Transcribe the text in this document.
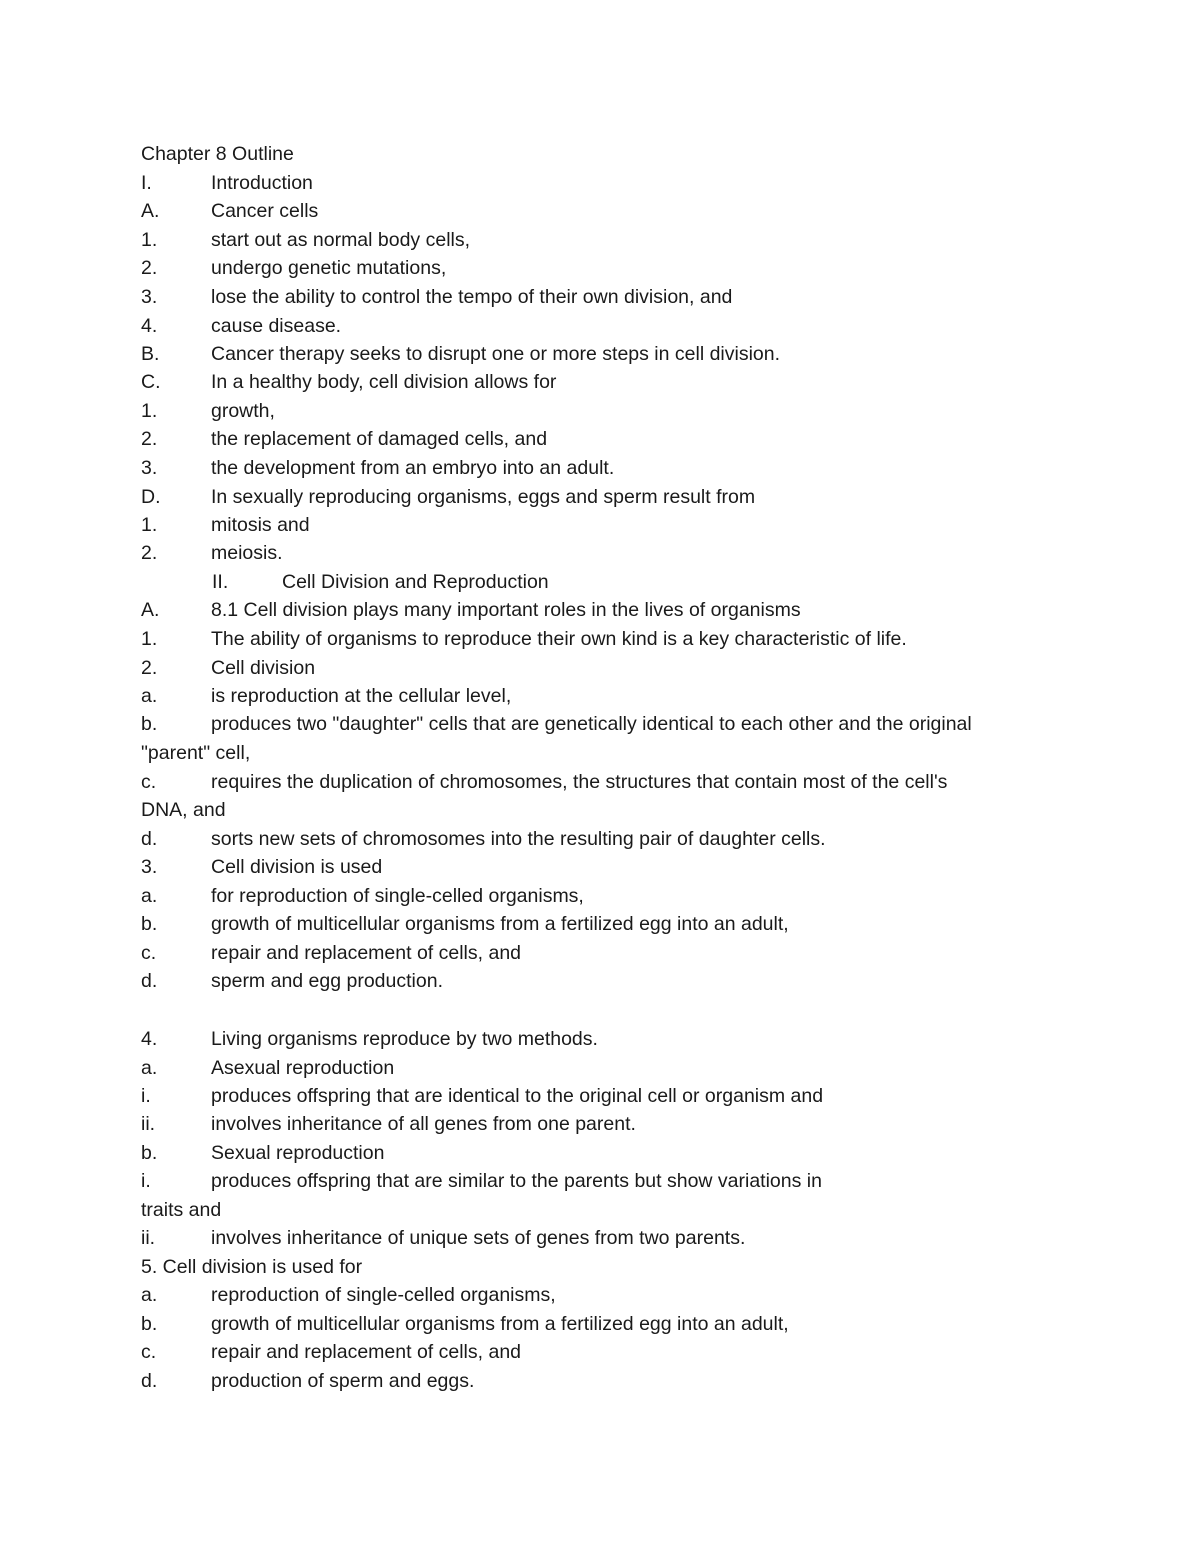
Chapter 8 Outline
I.	Introduction
A.	Cancer cells
1.	start out as normal body cells,
2.	undergo genetic mutations,
3.	lose the ability to control the tempo of their own division, and
4.	cause disease.
B.	Cancer therapy seeks to disrupt one or more steps in cell division.
C.	In a healthy body, cell division allows for
1.	growth,
2.	the replacement of damaged cells, and
3.	the development from an embryo into an adult.
D.	In sexually reproducing organisms, eggs and sperm result from
1.	mitosis and
2.	meiosis.
II.	Cell Division and Reproduction
A.	8.1 Cell division plays many important roles in the lives of organisms
1.	The ability of organisms to reproduce their own kind is a key characteristic of life.
2.	Cell division
a.	is reproduction at the cellular level,
b.	produces two "daughter" cells that are genetically identical to each other and the original
"parent" cell,
c.	requires the duplication of chromosomes, the structures that contain most of the cell's
DNA, and
d.	sorts new sets of chromosomes into the resulting pair of daughter cells.
3.	Cell division is used
a.	for reproduction of single-celled organisms,
b.	growth of multicellular organisms from a fertilized egg into an adult,
c.	repair and replacement of cells, and
d.	sperm and egg production.
4.	Living organisms reproduce by two methods.
a.	Asexual reproduction
i.	produces offspring that are identical to the original cell or organism and
ii.	involves inheritance of all genes from one parent.
b.	Sexual reproduction
i.	produces offspring that are similar to the parents but show variations in
traits and
ii.	involves inheritance of unique sets of genes from two parents.
5. Cell division is used for
a.	reproduction of single-celled organisms,
b.	growth of multicellular organisms from a fertilized egg into an adult,
c.	repair and replacement of cells, and
d.	production of sperm and eggs.
